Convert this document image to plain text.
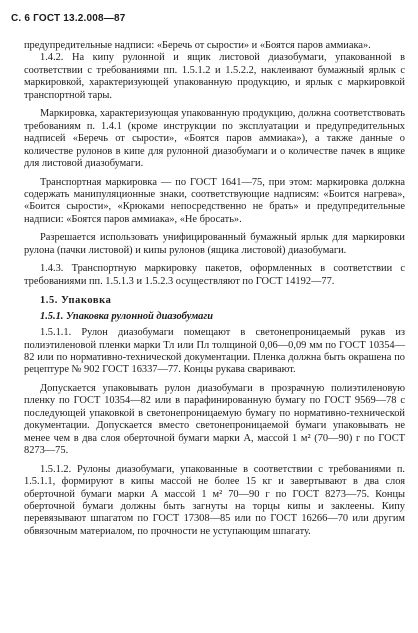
С. 6 ГОСТ 13.2.008—87

предупредительные надписи: «Беречь от сырости» и «Боятся паров аммиака».

1.4.2. На кипу рулонной и ящик листовой диазобумаги, упакованной в соответствии с требованиями пп. 1.5.1.2 и 1.5.2.2, наклеивают бумажный ярлык с маркировкой, характеризующей упакованную продукцию, и ярлык с маркировкой транспортной тары.

Маркировка, характеризующая упакованную продукцию, должна соответствовать требованиям п. 1.4.1 (кроме инструкции по эксплуатации и предупредительных надписей «Беречь от сырости», «Боятся паров аммиака»), а также данные о количестве рулонов в кипе для рулонной диазобумаги и о количестве пачек в ящике для листовой диазобумаги.

Транспортная маркировка — по ГОСТ 1641—75, при этом: маркировка должна содержать манипуляционные знаки, соответствующие надписям: «Боится нагрева», «Боится сырости», «Крюками непосредственно не брать» и предупредительные надписи: «Боятся паров аммиака», «Не бросать».

Разрешается использовать унифицированный бумажный ярлык для маркировки рулона (пачки листовой) и кипы рулонов (ящика листовой) диазобумаги.

1.4.3. Транспортную маркировку пакетов, оформленных в соответствии с требованиями пп. 1.5.1.3 и 1.5.2.3 осуществляют по ГОСТ 14192—77.

1.5. Упаковка

1.5.1. Упаковка рулонной диазобумаги

1.5.1.1. Рулон диазобумаги помещают в светонепроницаемый рукав из полиэтиленовой пленки марки Тл или Пл толщиной 0,06—0,09 мм по ГОСТ 10354—82 или по нормативно-технической документации. Пленка должна быть окрашена по рецептуре № 902 ГОСТ 16337—77. Концы рукава сваривают.

Допускается упаковывать рулон диазобумаги в прозрачную полиэтиленовую пленку по ГОСТ 10354—82 или в парафинированную бумагу по ГОСТ 9569—78 с последующей упаковкой в светонепроницаемую бумагу по нормативно-технической документации. Допускается вместо светонепроницаемой бумаги упаковывать не менее чем в два слоя оберточной бумаги марки А, массой 1 м² (70—90) г по ГОСТ 8273—75.

1.5.1.2. Рулоны диазобумаги, упакованные в соответствии с требованиями п. 1.5.1.1, формируют в кипы массой не более 15 кг и завертывают в два слоя оберточной бумаги марки А массой 1 м² 70—90 г по ГОСТ 8273—75. Концы оберточной бумаги должны быть загнуты на торцы кипы и заклеены. Кипу перевязывают шпагатом по ГОСТ 17308—85 или по ГОСТ 16266—70 или другим обвязочным материалом, по прочности не уступающим шпагату.
